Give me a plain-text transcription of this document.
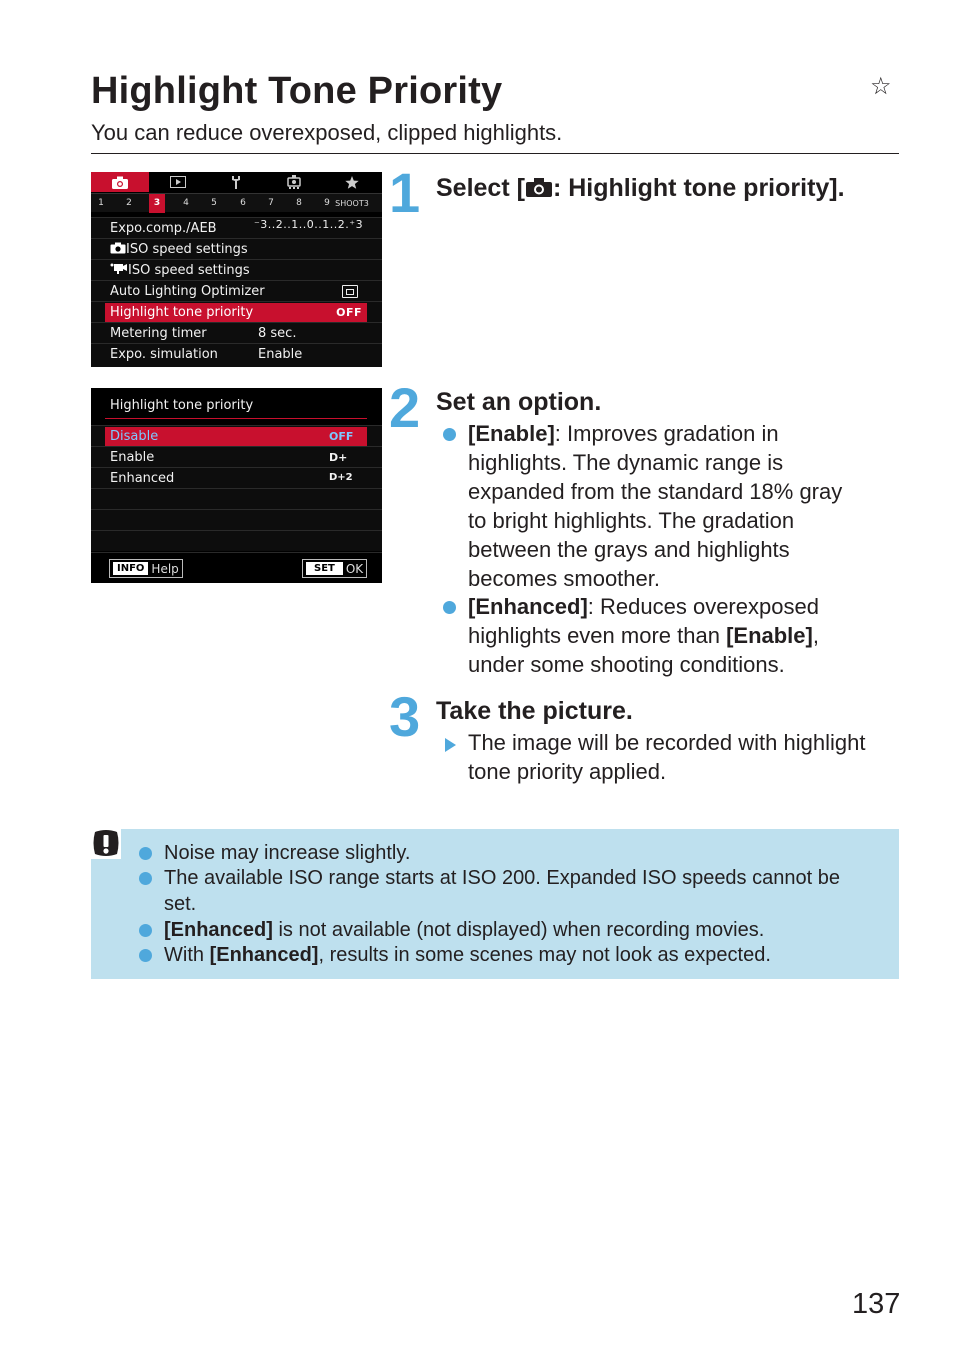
Highlight Tone Priority	☆
You can reduce overexposed, clipped highlights.
1	2	3	4	5	6	7	8	9 SHOOT3
Expo.comp./AEB	⁻3..2..1..0..1..2.⁺3
ISO speed settings
ISO speed settings
Auto Lighting Optimizer
Highlight tone priority	OFF
Metering timer	8 sec.
Expo. simulation	Enable
Highlight tone priority
Disable	OFF
Enable	D+
Enhanced	D+2
INFO Help	SET OK
1 Select [ : Highlight tone priority].
2 Set an option.
[Enable]: Improves gradation in
highlights. The dynamic range is
expanded from the standard 18% gray
to bright highlights. The gradation
between the grays and highlights
becomes smoother.
[Enhanced]: Reduces overexposed
highlights even more than [Enable],
under some shooting conditions.
3 Take the picture.
The image will be recorded with highlight
tone priority applied.
Noise may increase slightly.
The available ISO range starts at ISO 200. Expanded ISO speeds cannot be
set.
[Enhanced] is not available (not displayed) when recording movies.
With [Enhanced], results in some scenes may not look as expected.
137
